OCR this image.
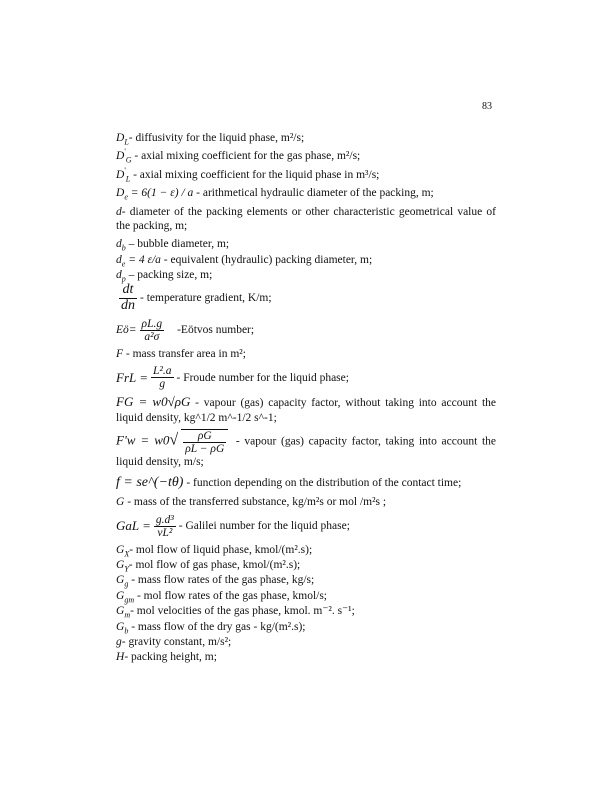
83
$D_L-$ diffusivity for the liquid phase, m²/s;
$D'_G$ - axial mixing coefficient for the gas phase, m²/s;
$D'_L$ - axial mixing coefficient for the liquid phase in m³/s;
$D_e = 6(1 - \varepsilon) / a$ - arithmetical hydraulic diameter of the packing, m;
d- diameter of the packing elements or other characteristic geometrical value of the packing, m;
$d_b$ – bubble diameter, m;
$d_e = 4$ ε/a - equivalent (hydraulic) packing diameter, m;
$d_p$ – packing size, m;
$\frac{dt}{dn}$ - temperature gradient, K/m;
Eö= $\frac{\rho L.g}{\text{a²σ}}$ -Eötvos number;
F - mass transfer area in m²;
FrL = $\frac{\text{L².a}}{g}$ - Froude number for the liquid phase;
FG = w0√ρG - vapour (gas) capacity factor, without taking into account the liquid density, kg^1/2 m^-1/2 s^-1;
$F'w = w0√ \frac{\rho G}{\rho L - \rho G}$ - vapour (gas) capacity factor, taking into account the liquid density, m/s;
f = se^(−tθ) - function depending on the distribution of the contact time;
G - mass of the transferred substance, kg/m²s or mol /m²s ;
GaL = $\frac{\text{g.d³}}{\text{νL²}}$ - Galilei number for the liquid phase;
$G_X-$ mol flow of liquid phase, kmol/(m².s);
$G_Y-$ mol flow of gas phase, kmol/(m².s);
$G_g$ - mass flow rates of the gas phase, kg/s;
$G_{gm}$ - mol flow rates of the gas phase, kmol/s;
$G_m-$ mol velocities of the gas phase, kmol. m⁻². s⁻¹;
$G_b$ - mass flow of the dry gas - kg/(m².s);
g- gravity constant, m/s²;
H- packing height, m;
